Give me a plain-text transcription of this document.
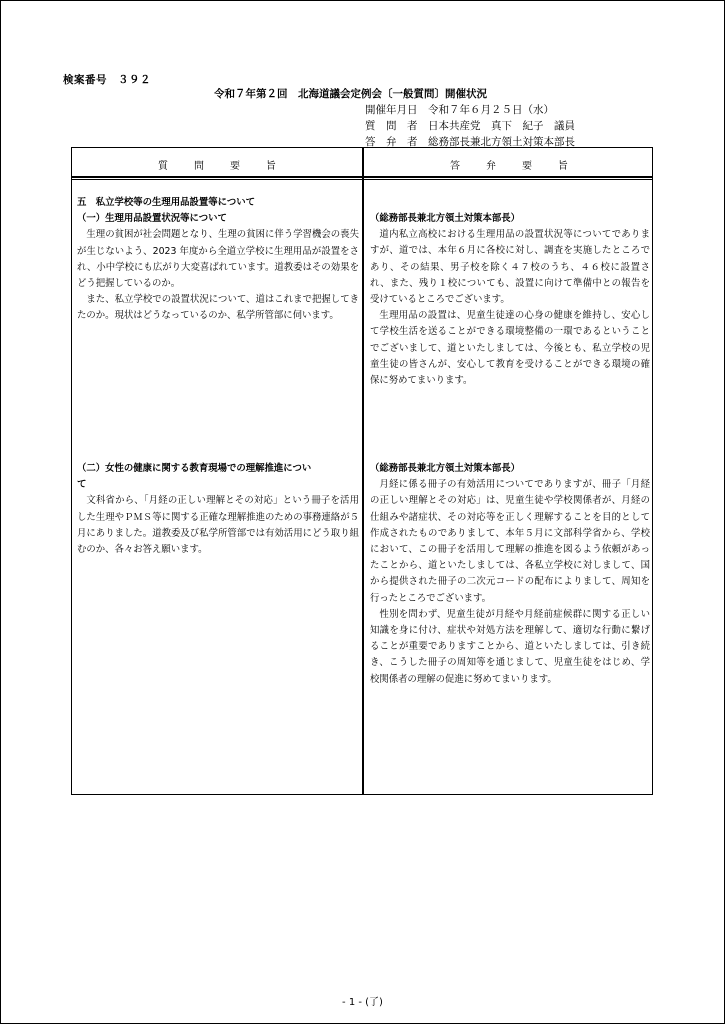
検案番号　３９２
令和７年第２回　北海道議会定例会〔一般質問〕開催状況
開催年月日　令和７年６月２５日（水）
質　問　者　日本共産党　真下　紀子　議員
答　弁　者　総務部長兼北方領土対策本部長
質問要旨	答弁要旨

五　私立学校等の生理用品設置等について

（一）生理用品設置状況等について

生理の貧困が社会問題となり、生理の貧困に伴う学習機会の喪失が生じないよう、2023 年度から全道立学校に生理用品が設置をされ、小中学校にも広がり大変喜ばれています。道教委はその効果をどう把握しているのか。

また、私立学校での設置状況について、道はこれまで把握してきたのか。現状はどうなっているのか、私学所管部に伺います。

（総務部長兼北方領土対策本部長）

道内私立高校における生理用品の設置状況等についてでありますが、道では、本年６月に各校に対し、調査を実施したところであり、その結果、男子校を除く４７校のうち、４６校に設置され、また、残り１校についても、設置に向けて準備中との報告を受けているところでございます。

生理用品の設置は、児童生徒達の心身の健康を維持し、安心して学校生活を送ることができる環境整備の一環であるということでございまして、道といたしましては、今後とも、私立学校の児童生徒の皆さんが、安心して教育を受けることができる環境の確保に努めてまいります。

（二）女性の健康に関する教育現場での理解推進につい

て

文科省から、「月経の正しい理解とその対応」という冊子を活用した生理やＰＭＳ等に関する正確な理解推進のための事務連絡が５月にありました。道教委及び私学所管部では有効活用にどう取り組むのか、各々お答え願います。

（総務部長兼北方領土対策本部長）

月経に係る冊子の有効活用についてでありますが、冊子「月経の正しい理解とその対応」は、児童生徒や学校関係者が、月経の仕組みや諸症状、その対応等を正しく理解することを目的として作成されたものでありまして、本年５月に文部科学省から、学校において、この冊子を活用して理解の推進を図るよう依頼があったことから、道といたしましては、各私立学校に対しまして、国から提供された冊子の二次元コードの配布によりまして、周知を行ったところでございます。

性別を問わず、児童生徒が月経や月経前症候群に関する正しい知識を身に付け、症状や対処方法を理解して、適切な行動に繋げることが重要でありますことから、道といたしましては、引き続き、こうした冊子の周知等を通じまして、児童生徒をはじめ、学校関係者の理解の促進に努めてまいります。

- 1 - (了)
